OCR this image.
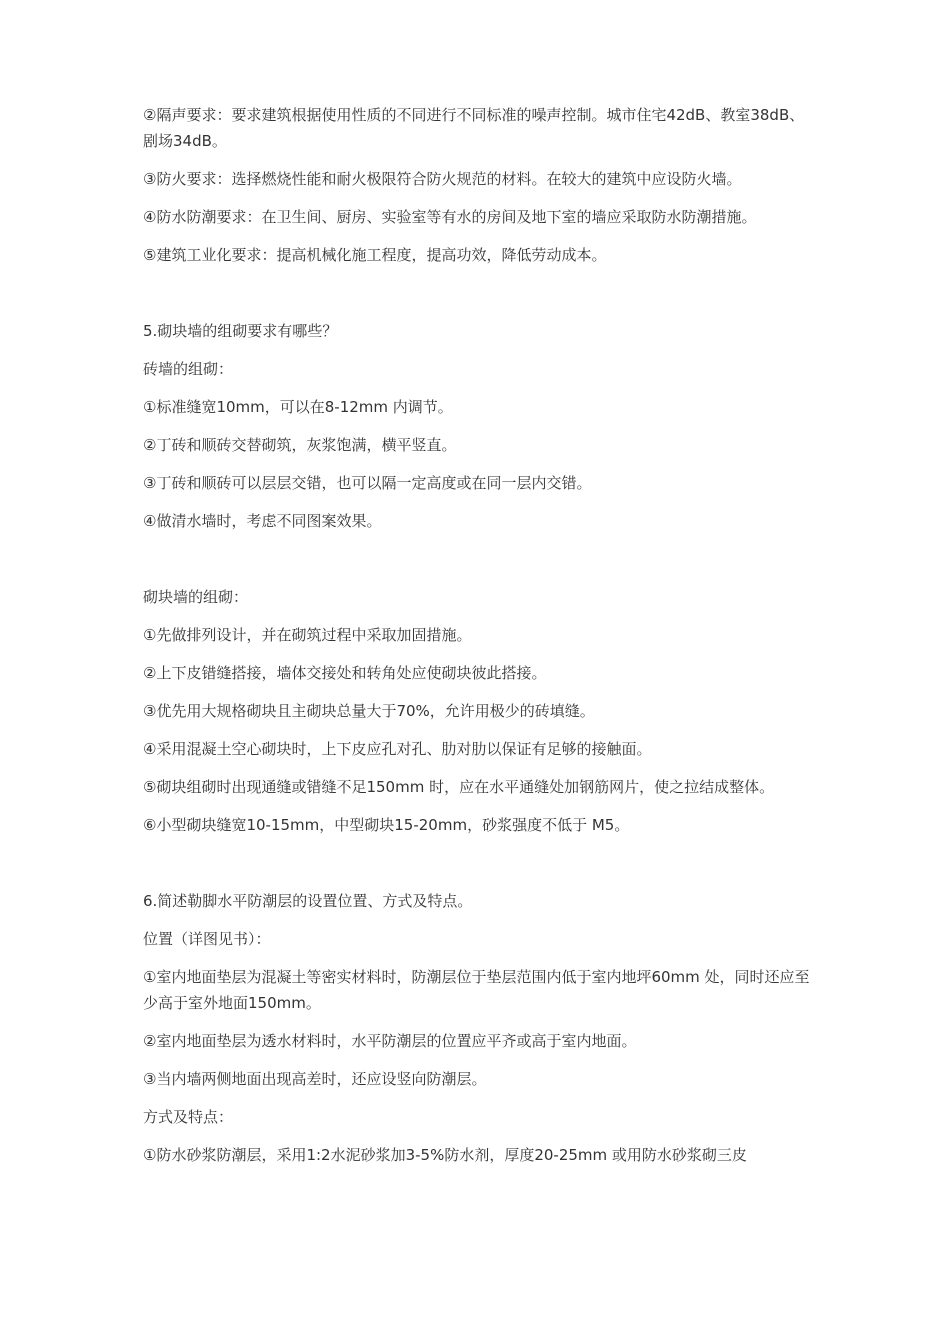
②隔声要求：要求建筑根据使用性质的不同进行不同标准的噪声控制。城市住宅42dB、教室38dB、剧场34dB。

③防火要求：选择燃烧性能和耐火极限符合防火规范的材料。在较大的建筑中应设防火墙。

④防水防潮要求：在卫生间、厨房、实验室等有水的房间及地下室的墙应采取防水防潮措施。

⑤建筑工业化要求：提高机械化施工程度，提高功效，降低劳动成本。

5.砌块墙的组砌要求有哪些？

砖墙的组砌：

①标准缝宽10mm，可以在8-12mm 内调节。

②丁砖和顺砖交替砌筑，灰浆饱满，横平竖直。

③丁砖和顺砖可以层层交错，也可以隔一定高度或在同一层内交错。

④做清水墙时，考虑不同图案效果。

砌块墙的组砌：

①先做排列设计，并在砌筑过程中采取加固措施。

②上下皮错缝搭接，墙体交接处和转角处应使砌块彼此搭接。

③优先用大规格砌块且主砌块总量大于70%，允许用极少的砖填缝。

④采用混凝土空心砌块时，上下皮应孔对孔、肋对肋以保证有足够的接触面。

⑤砌块组砌时出现通缝或错缝不足150mm 时，应在水平通缝处加钢筋网片，使之拉结成整体。

⑥小型砌块缝宽10-15mm，中型砌块15-20mm，砂浆强度不低于 M5。

6.简述勒脚水平防潮层的设置位置、方式及特点。

位置（详图见书）：

①室内地面垫层为混凝土等密实材料时，防潮层位于垫层范围内低于室内地坪60mm 处，同时还应至少高于室外地面150mm。

②室内地面垫层为透水材料时，水平防潮层的位置应平齐或高于室内地面。

③当内墙两侧地面出现高差时，还应设竖向防潮层。

方式及特点：

①防水砂浆防潮层，采用1:2水泥砂浆加3-5%防水剂，厚度20-25mm 或用防水砂浆砌三皮
